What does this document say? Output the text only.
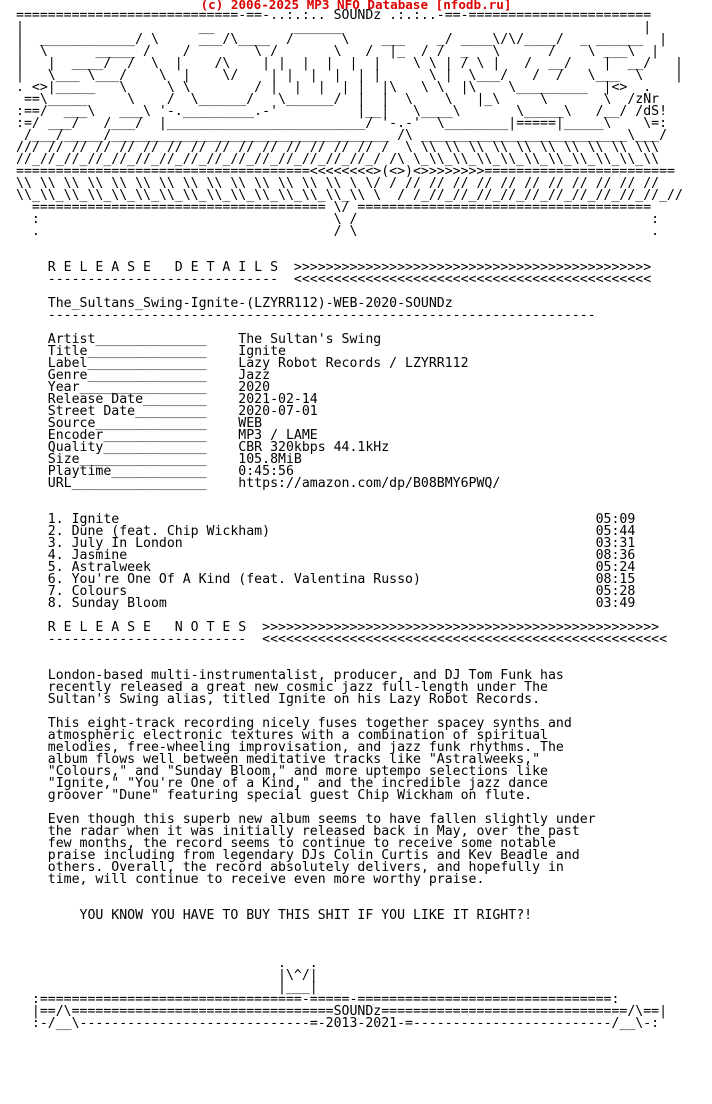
(c) 2006-2025 MP3 NFO Database [nfodb.ru]
============================-==-..:.:.. SOUNDz .:.:..-==-=======================
|                      __          ______                                      |
|  ____________/ \     ___/\____  /      \    ___    _/ ____\/\/____/  _ ______  |
|  \      _____ /    /        \ /       \   /  |_  / /  _   \      /    \ ___\  |
|   |  ____/  /  \  |    /\    | |  |  |  |  |    \ \ | / \ |   /  __/    |  __/   |
|   \___ \___/    \  |    \/    | |  |  |  | |      \ |  \___/   /  /   \___  \    |
. <>|_____   \     \ \        / |  |  |  | |  |\   \ \  |\    \_________  |<>  .
==\_____     \    /  \______/   \______/  |  |  \    \   |_\     \       \  /zNr
:==/  ___\   ___\ '-._________.-'          |__|   \____\       \_____\   /__/ /dS!
:=/ ___/   /___/  |_________________________/ '-.-'  \________|=====|_____\    \=:
/___/_____/___________________________________ /\ __________________________\___/
/// // // // // // // // // // // // // // // /  \ \\ \\ \\ \\ \\ \\ \\ \\ \\ \\\
//_//_//_//_//_//_//_//_//_//_//_//_//_//_//_/ /\ \_\\_\\_\\_\\_\\_\\_\\_\\_\\_\\
=====================================<<<<<<<<>(<>)<>>>>>>>>========================
\\ \\ \\ \\ \\ \\ \\ \\ \\ \\ \\ \\ \\ \\ \ \/ / // // // // // // // // // // //
\\_\\_\\_\\_\\_\\_\\_\\_\\_\\_\\_\\_\\_\\_\\ \  / /_//_//_//_//_//_//_//_//_//_//_//
===================================== \/ =====================================
:                                     \ /                                     :
.                                     / \                                     .

R E L E A S E   D E T A I L S  >>>>>>>>>>>>>>>>>>>>>>>>>>>>>>>>>>>>>>>>>>>>>
-----------------------------  <<<<<<<<<<<<<<<<<<<<<<<<<<<<<<<<<<<<<<<<<<<<<

The_Sultans_Swing-Ignite-(LZYRR112)-WEB-2020-SOUNDz
---------------------------------------------------------------------

Artist______________    The Sultan's Swing
Title_______________    Ignite
Label_______________    Lazy Robot Records / LZYRR112
Genre_______________    Jazz
Year________________    2020
Release Date________    2021-02-14
Street Date_________    2020-07-01
Source______________    WEB
Encoder_____________    MP3 / LAME
Quality_____________    CBR 320kbps 44.1kHz
Size________________    105.8MiB
Playtime____________    0:45:56
URL_________________    https://amazon.com/dp/B08BMY6PWQ/

1. Ignite                                                            05:09
2. Dune (feat. Chip Wickham)                                         05:44
3. July In London                                                    03:31
4. Jasmine                                                           08:36
5. Astralweek                                                        05:24
6. You're One Of A Kind (feat. Valentina Russo)                      08:15
7. Colours                                                           05:28
8. Sunday Bloom                                                      03:49

R E L E A S E   N O T E S  >>>>>>>>>>>>>>>>>>>>>>>>>>>>>>>>>>>>>>>>>>>>>>>>>>
-------------------------  <<<<<<<<<<<<<<<<<<<<<<<<<<<<<<<<<<<<<<<<<<<<<<<<<<<

London-based multi-instrumentalist, producer, and DJ Tom Funk has
recently released a great new cosmic jazz full-length under The
Sultan's Swing alias, titled Ignite on his Lazy Robot Records.

This eight-track recording nicely fuses together spacey synths and
atmospheric electronic textures with a combination of spiritual
melodies, free-wheeling improvisation, and jazz funk rhythms. The
album flows well between meditative tracks like "Astralweeks,"
"Colours," and "Sunday Bloom," and more uptempo selections like
"Ignite," "You're One of a Kind," and the incredible jazz dance
groover "Dune" featuring special guest Chip Wickham on flute.

Even though this superb new album seems to have fallen slightly under
the radar when it was initially released back in May, over the past
few months, the record seems to continue to receive some notable
praise including from legendary DJs Colin Curtis and Kev Beadle and
others. Overall, the record absolutely delivers, and hopefully in
time, will continue to receive even more worthy praise.

YOU KNOW YOU HAVE TO BUY THIS SHIT IF YOU LIKE IT RIGHT?!

.   .
|\^/|
|___|
:=================================-=====-================================:
|==/\=================================SOUNDz===============================/\==|
:-/__\-----------------------------=-2013-2021-=-------------------------/__\-:
